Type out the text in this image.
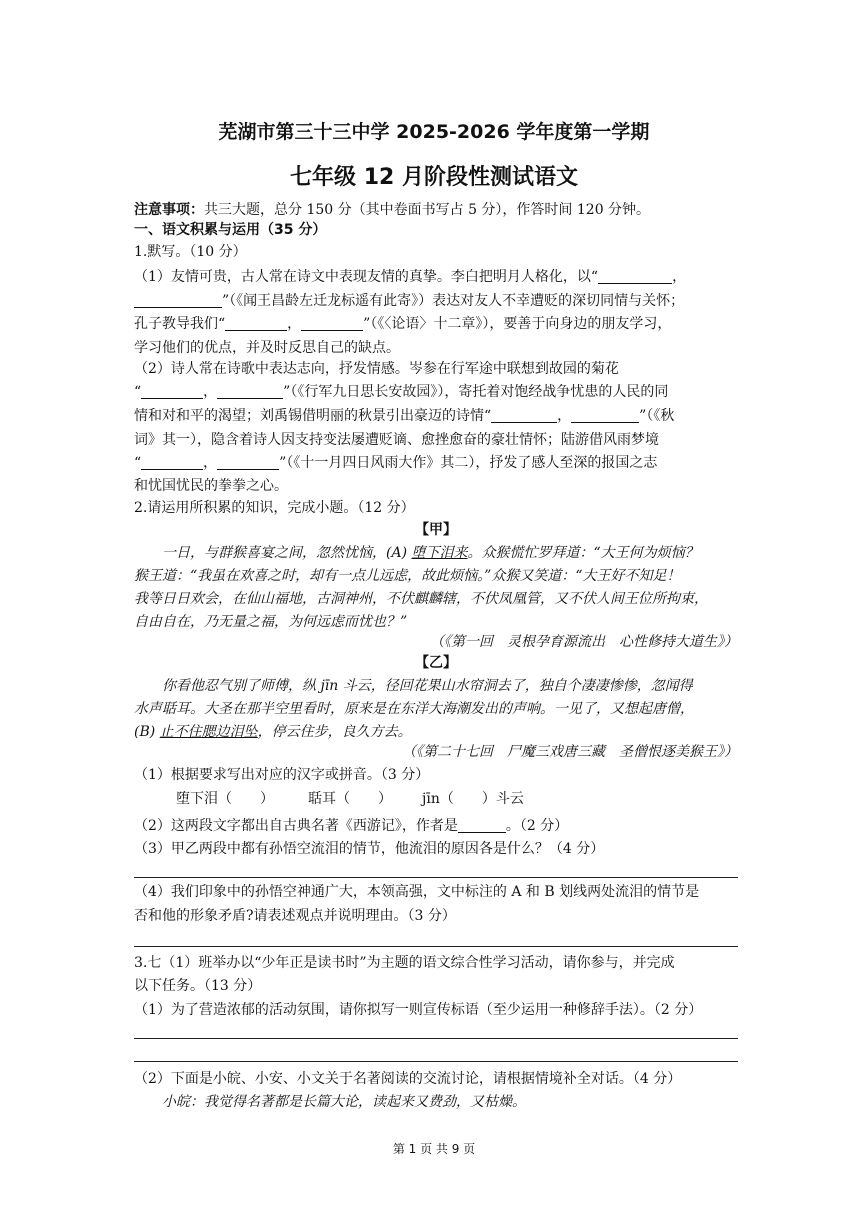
芜湖市第三十三中学 2025-2026 学年度第一学期
七年级 12 月阶段性测试语文
注意事项：共三大题，总分 150 分（其中卷面书写占 5 分），作答时间 120 分钟。
一、语文积累与运用（35 分）
1.默写。（10 分）
（1）友情可贵，古人常在诗文中表现友情的真挚。李白把明月人格化，以“	，
”（《闻王昌龄左迁龙标遥有此寄》）表达对友人不幸遭贬的深切同情与关怀；
孔子教导我们“	，	”（《〈论语〉十二章》），要善于向身边的朋友学习，
学习他们的优点，并及时反思自己的缺点。
（2）诗人常在诗歌中表达志向，抒发情感。岑参在行军途中联想到故园的菊花
“	，	”（《行军九日思长安故园》），寄托着对饱经战争忧患的人民的同
情和对和平的渴望；刘禹锡借明丽的秋景引出豪迈的诗情“	，	”（《秋
词》其一），隐含着诗人因支持变法屡遭贬谪、愈挫愈奋的豪壮情怀；陆游借风雨梦境
“	，	”（《十一月四日风雨大作》其二），抒发了感人至深的报国之志
和忧国忧民的拳拳之心。
2.请运用所积累的知识，完成小题。（12 分）
【甲】
一日，与群猴喜宴之间，忽然忧恼，(A) 堕下泪来。众猴慌忙罗拜道：“大王何为烦恼？
猴王道：“我虽在欢喜之时，却有一点儿远虑，故此烦恼。”众猴又笑道：“大王好不知足！
我等日日欢会，在仙山福地，古洞神州，不伏麒麟辖，不伏凤凰管，又不伏人间王位所拘束，
自由自在，乃无量之福，为何远虑而忧也？”
（《第一回　灵根孕育源流出　心性修持大道生》）
【乙】
你看他忍气别了师傅，纵 jīn 斗云，径回花果山水帘洞去了，独自个凄凄惨惨，忽闻得
水声聒耳。大圣在那半空里看时，原来是在东洋大海潮发出的声响。一见了，又想起唐僧，
(B) 止不住腮边泪坠，停云住步，良久方去。
（《第二十七回　尸魔三戏唐三藏　圣僧恨逐美猴王》）
（1）根据要求写出对应的汉字或拼音。（3 分）
堕下泪（　　） 聒耳（　　） jīn（　　）斗云
（2）这两段文字都出自古典名著《西游记》，作者是	。（2 分）
（3）甲乙两段中都有孙悟空流泪的情节，他流泪的原因各是什么？（4 分）
（4）我们印象中的孙悟空神通广大，本领高强，文中标注的 A 和 B 划线两处流泪的情节是
否和他的形象矛盾?请表述观点并说明理由。（3 分）
3.七（1）班举办以“少年正是读书时”为主题的语文综合性学习活动，请你参与，并完成
以下任务。（13 分）
（1）为了营造浓郁的活动氛围，请你拟写一则宣传标语（至少运用一种修辞手法）。（2 分）
（2）下面是小皖、小安、小文关于名著阅读的交流讨论，请根据情境补全对话。（4 分）
小皖：我觉得名著都是长篇大论，读起来又费劲，又枯燥。
第 1 页 共 9 页
